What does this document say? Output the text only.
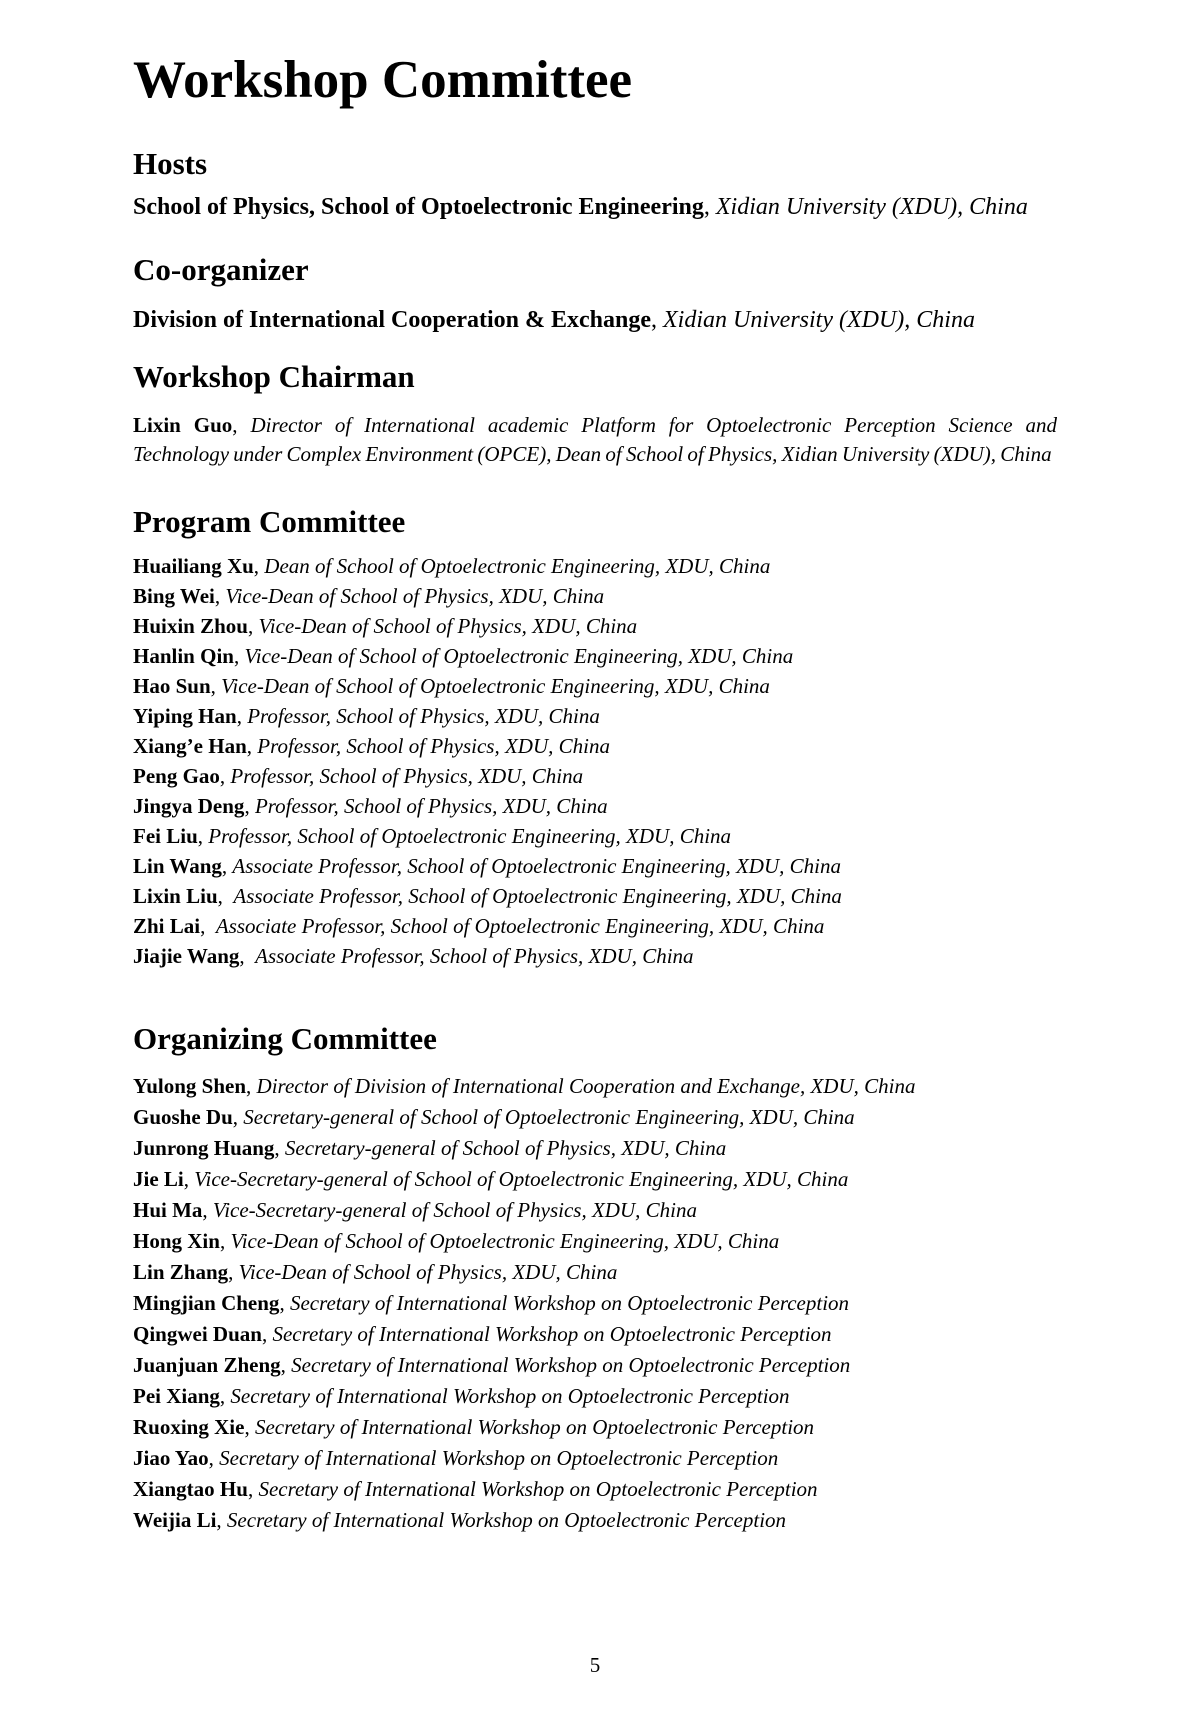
Workshop Committee
Hosts
School of Physics, School of Optoelectronic Engineering, Xidian University (XDU), China
Co-organizer
Division of International Cooperation & Exchange, Xidian University (XDU), China
Workshop Chairman
Lixin Guo, Director of International academic Platform for Optoelectronic Perception Science and Technology under Complex Environment (OPCE), Dean of School of Physics, Xidian University (XDU), China
Program Committee
Huailiang Xu, Dean of School of Optoelectronic Engineering, XDU, China
Bing Wei, Vice-Dean of School of Physics, XDU, China
Huixin Zhou, Vice-Dean of School of Physics, XDU, China
Hanlin Qin, Vice-Dean of School of Optoelectronic Engineering, XDU, China
Hao Sun, Vice-Dean of School of Optoelectronic Engineering, XDU, China
Yiping Han, Professor, School of Physics, XDU, China
Xiang’e Han, Professor, School of Physics, XDU, China
Peng Gao, Professor, School of Physics, XDU, China
Jingya Deng, Professor, School of Physics, XDU, China
Fei Liu, Professor, School of Optoelectronic Engineering, XDU, China
Lin Wang, Associate Professor, School of Optoelectronic Engineering, XDU, China
Lixin Liu, Associate Professor, School of Optoelectronic Engineering, XDU, China
Zhi Lai, Associate Professor, School of Optoelectronic Engineering, XDU, China
Jiajie Wang, Associate Professor, School of Physics, XDU, China
Organizing Committee
Yulong Shen, Director of Division of International Cooperation and Exchange, XDU, China
Guoshe Du, Secretary-general of School of Optoelectronic Engineering, XDU, China
Junrong Huang, Secretary-general of School of Physics, XDU, China
Jie Li, Vice-Secretary-general of School of Optoelectronic Engineering, XDU, China
Hui Ma, Vice-Secretary-general of School of Physics, XDU, China
Hong Xin, Vice-Dean of School of Optoelectronic Engineering, XDU, China
Lin Zhang, Vice-Dean of School of Physics, XDU, China
Mingjian Cheng, Secretary of International Workshop on Optoelectronic Perception
Qingwei Duan, Secretary of International Workshop on Optoelectronic Perception
Juanjuan Zheng, Secretary of International Workshop on Optoelectronic Perception
Pei Xiang, Secretary of International Workshop on Optoelectronic Perception
Ruoxing Xie, Secretary of International Workshop on Optoelectronic Perception
Jiao Yao, Secretary of International Workshop on Optoelectronic Perception
Xiangtao Hu, Secretary of International Workshop on Optoelectronic Perception
Weijia Li, Secretary of International Workshop on Optoelectronic Perception
5
